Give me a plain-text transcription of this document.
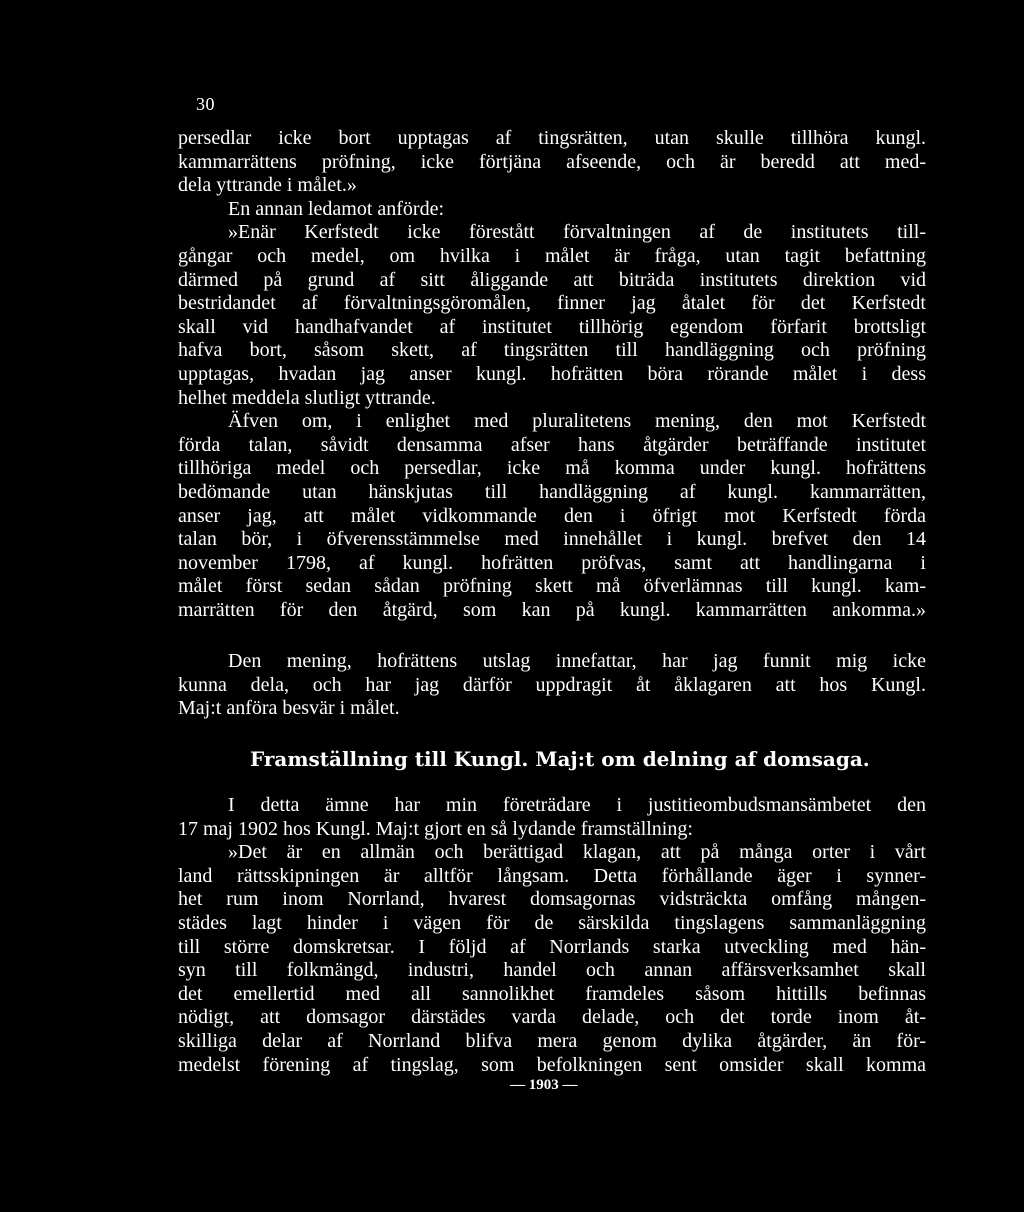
30
persedlar icke bort upptagas af tingsrätten, utan skulle tillhöra kungl.
kammarrättens pröfning, icke förtjäna afseende, och är beredd att med-
dela yttrande i målet.»
En annan ledamot anförde:
»Enär Kerfstedt icke förestått förvaltningen af de institutets till-
gångar och medel, om hvilka i målet är fråga, utan tagit befattning
därmed på grund af sitt åliggande att biträda institutets direktion vid
bestridandet af förvaltningsgöromålen, finner jag åtalet för det Kerfstedt
skall vid handhafvandet af institutet tillhörig egendom förfarit brottsligt
hafva bort, såsom skett, af tingsrätten till handläggning och pröfning
upptagas, hvadan jag anser kungl. hofrätten böra rörande målet i dess
helhet meddela slutligt yttrande.
Äfven om, i enlighet med pluralitetens mening, den mot Kerfstedt
förda talan, såvidt densamma afser hans åtgärder beträffande institutet
tillhöriga medel och persedlar, icke må komma under kungl. hofrättens
bedömande utan hänskjutas till handläggning af kungl. kammarrätten,
anser jag, att målet vidkommande den i öfrigt mot Kerfstedt förda
talan bör, i öfverensstämmelse med innehållet i kungl. brefvet den 14
november 1798, af kungl. hofrätten pröfvas, samt att handlingarna i
målet först sedan sådan pröfning skett må öfverlämnas till kungl. kam-
marrätten för den åtgärd, som kan på kungl. kammarrätten ankomma.»
Den mening, hofrättens utslag innefattar, har jag funnit mig icke
kunna dela, och har jag därför uppdragit åt åklagaren att hos Kungl.
Maj:t anföra besvär i målet.
Framställning till Kungl. Maj:t om delning af domsaga.
I detta ämne har min företrädare i justitieombudsmansämbetet den
17 maj 1902 hos Kungl. Maj:t gjort en så lydande framställning:
»Det är en allmän och berättigad klagan, att på många orter i vårt
land rättsskipningen är alltför långsam. Detta förhållande äger i synner-
het rum inom Norrland, hvarest domsagornas vidsträckta omfång mången-
städes lagt hinder i vägen för de särskilda tingslagens sammanläggning
till större domskretsar. I följd af Norrlands starka utveckling med hän-
syn till folkmängd, industri, handel och annan affärsverksamhet skall
det emellertid med all sannolikhet framdeles såsom hittills befinnas
nödigt, att domsagor därstädes varda delade, och det torde inom åt-
skilliga delar af Norrland blifva mera genom dylika åtgärder, än för-
medelst förening af tingslag, som befolkningen sent omsider skall komma
— 1903 —
